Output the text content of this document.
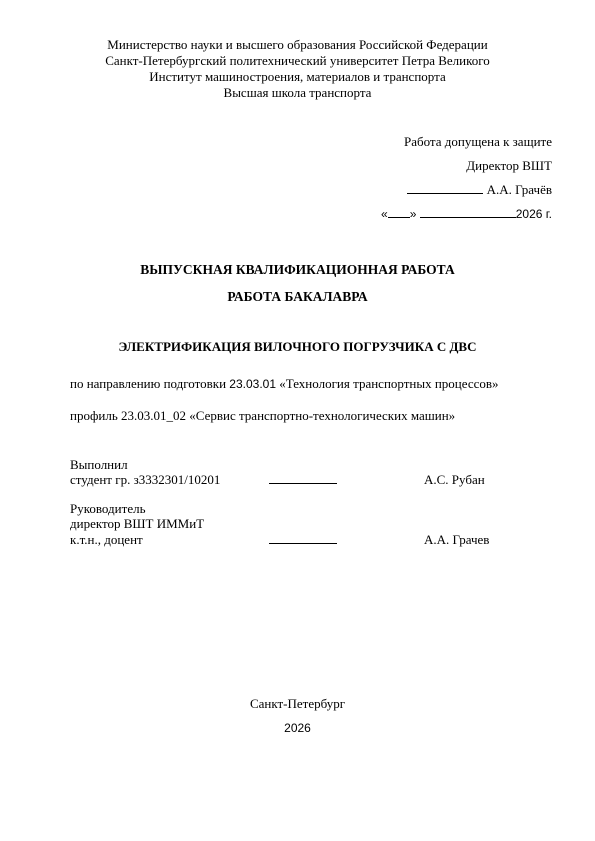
Министерство науки и высшего образования Российской Федерации
Санкт-Петербургский политехнический университет Петра Великого
Институт машиностроения, материалов и транспорта
Высшая школа транспорта
Работа допущена к защите
Директор ВШТ
А.А. Грачёв
« »	2026 г.
ВЫПУСКНАЯ КВАЛИФИКАЦИОННАЯ РАБОТА
РАБОТА БАКАЛАВРА
ЭЛЕКТРИФИКАЦИЯ ВИЛОЧНОГО ПОГРУЗЧИКА С ДВС
по направлению подготовки 23.03.01 «Технология транспортных процессов»
профиль 23.03.01_02 «Сервис транспортно-технологических машин»
Выполнил
студент гр. з3332301/10201	А.С. Рубан
Руководитель
директор ВШТ ИММиТ
к.т.н., доцент	А.А. Грачев
Санкт-Петербург
2026
